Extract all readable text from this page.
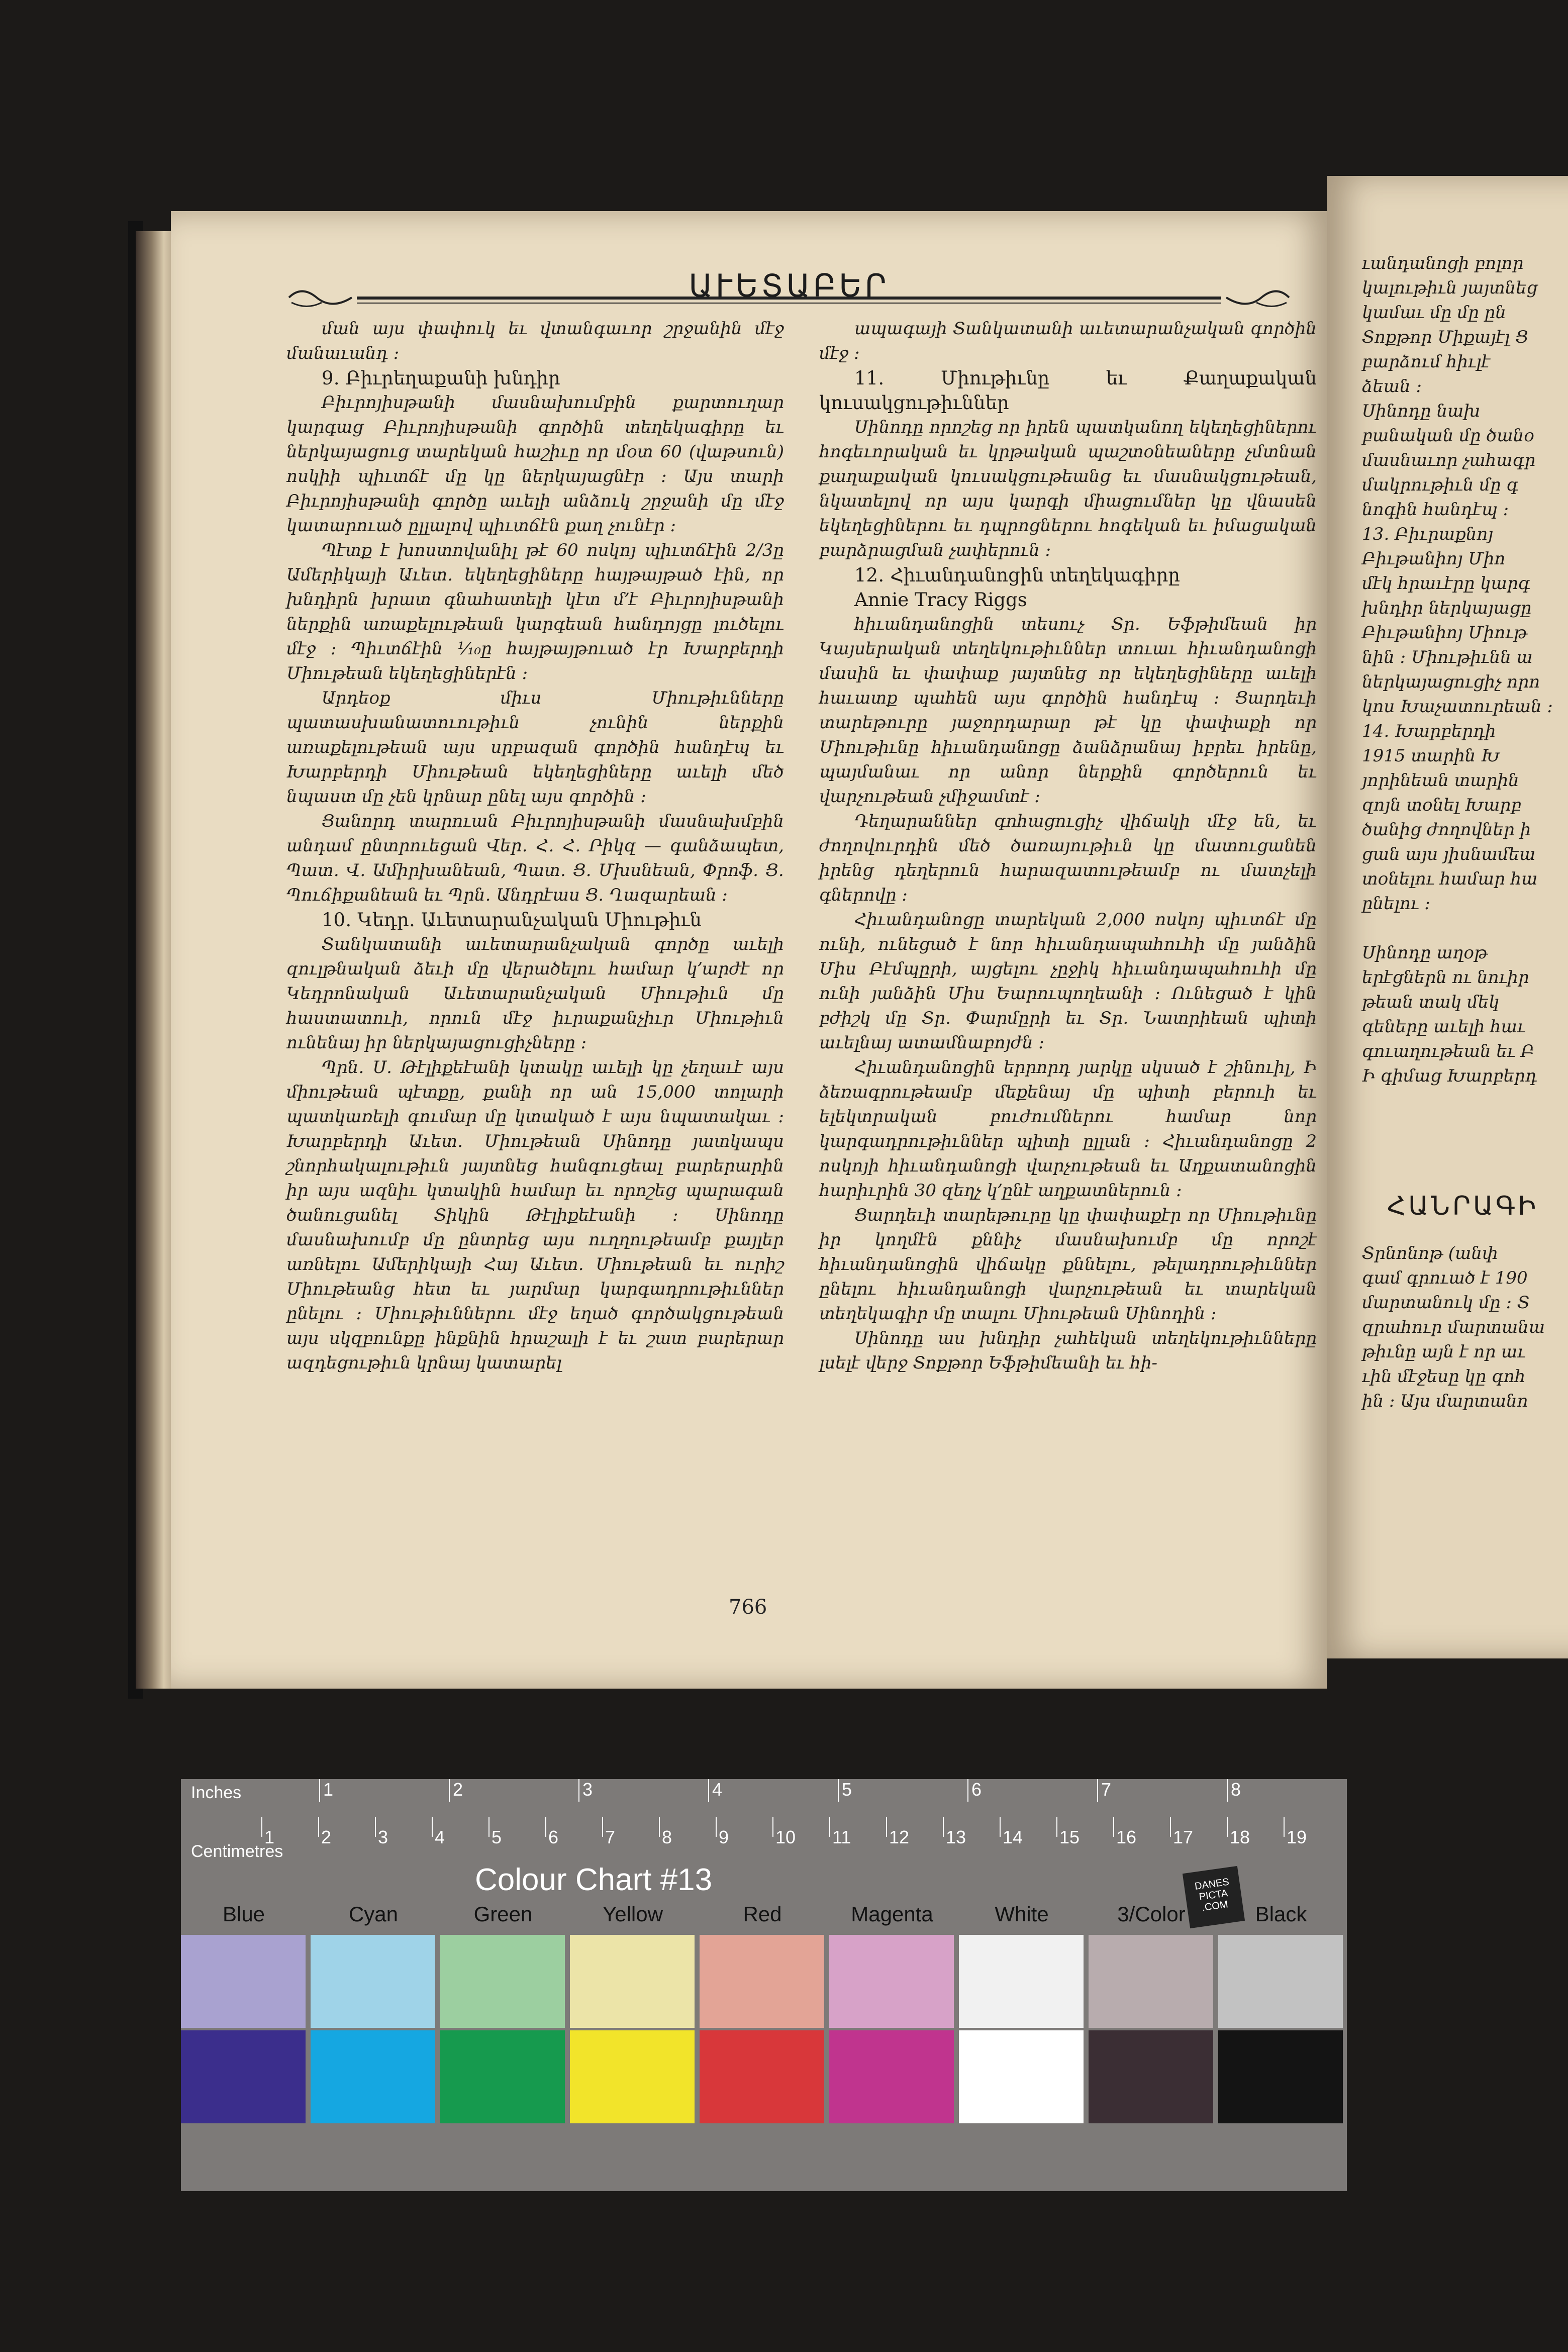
ԱՒԵՏԱԲԵՐ

ման այս փափուկ եւ վտանգաւոր շրջանին մէջ մանաւանդ ։

9․ Բիւրեղաքանի խնդիր

Բիւրոյիսթանի մասնախումբին քարտուղար կարգաց Բիւրոյիսթանի գործին տեղեկագիրը եւ ներկայացուց տարեկան հաշիւը որ մօտ 60 (վաթսուն) ոսկիի պիւտճէ մը կը ներկայացնէր ։ Այս տարի Բիւրոյիսթանի գործը աւելի անձուկ շրջանի մը մէջ կատարուած ըլլալով պիւտճէն քաղ չունէր ։

Պէտք է խոստովանիլ թէ 60 ոսկոյ պիւտճէին 2/3ը Ամերիկայի Աւետ․ եկեղեցիները հայթայթած էին, որ խնդիրն խրատ գնահատելի կէտ մ՚է Բիւրոյիսթանի ներքին առաքելութեան կարգեան հանդոյցը լուծելու մէջ ։ Պիւտճէին ¹⁄₁₀ը հայթայթուած էր Խարբերդի Միութեան եկեղեցիներէն ։

Արդեօք միւս Միութիւնները պատասխանատուութիւն չունին ներքին առաքելութեան այս սրբազան գործին հանդէպ եւ Խարբերդի Միութեան եկեղեցիները աւելի մեծ նպաստ մը չեն կրնար ընել այս գործին ։

Ցանորդ տարուան Բիւրոյիսթանի մասնախմբին անդամ ընտրուեցան Վեր․ Հ․ Հ․ Րիկզ — գանձապետ, Պատ․ Վ․ Ամիրխանեան, Պատ․ Ց․ Մխսնեան, Փրոֆ․ Ց․ Պուճիքանեան եւ Պրն․ Անդրէաս Ց․ Ղազարեան ։

10․ Կեդր․ Աւետարանչական Միութիւն

Տանկատանի աւետարանչական գործը աւելի զուլթնական ձեւի մը վերածելու համար կ՚արժէ որ Կեդրոնական Աւետարանչական Միութիւն մը հաստատուի, որուն մէջ իւրաքանչիւր Միութիւն ունենայ իր ներկայացուցիչները ։

Պրն․ Ս․ Թէլիքեէանի կտակը աւելի կը չեղաւէ այս միութեան պէտքը, քանի որ ան 15,000 տոլարի պատկառելի գումար մը կտակած է այս նպատակաւ ։ Խարբերդի Աւետ․ Միութեան Սինոդը յատկապս շնորհակալութիւն յայտնեց հանգուցեալ բարերարին իր այս ազնիւ կտակին համար եւ որոշեց պարագան ծանուցանել Տիկին Թէլիքեէանի ։ Սինոդը մասնախումբ մը ընտրեց այս ուղղութեամբ քայլեր առնելու Ամերիկայի Հայ Աւետ․ Միութեան եւ ուրիշ Միութեանց հետ եւ յարմար կարգադրութիւններ ընելու ։ Միութիւններու մէջ եղած գործակցութեան այս սկզբունքը ինքնին հրաշալի է եւ շատ բարերար ազդեցութիւն կրնայ կատարել

ապագայի Տանկատանի աւետարանչական գործին մէջ ։

11․ Միութիւնը եւ Քաղաքական կուսակցութիւններ

Սինոդը որոշեց որ իրեն պատկանող եկեղեցիներու հոգեւորական եւ կրթական պաշտօնեաները չմտնան քաղաքական կուսակցութեանց եւ մասնակցութեան, նկատելով որ այս կարգի միացումներ կը վնասեն եկեղեցիներու եւ դպրոցներու հոգեկան եւ իմացական բարձրացման չափերուն ։

12․ Հիւանդանոցին տեղեկագիրը

Annie Tracy Riggs

հիւանդանոցին տեսուչ Տր․ Եֆթիմեան իր Կայսերական տեղեկութիւններ տուաւ հիւանդանոցի մասին եւ փափաք յայտնեց որ եկեղեցիները աւելի հաւատք պահեն այս գործին հանդէպ ։ Ցարդեւի տարեթուրը յաջորդարար թէ կը փափաքի որ Միութիւնը հիւանդանոցը ձանձրանայ իբրեւ իրենը, պայմանաւ որ անոր ներքին գործերուն եւ վարչութեան չմիջամտէ ։

Դեղարաններ գոհացուցիչ վիճակի մէջ են, եւ ժողովուրդին մեծ ծառայութիւն կը մատուցանեն իրենց դեղերուն հարազատութեամբ ու մատչելի գներովը ։

Հիւանդանոցը տարեկան 2,000 ոսկոյ պիւտճէ մը ունի, ունեցած է նոր հիւանդապահուհի մը յանձին Միս Բէմպըրի, այցելու չըջիկ հիւանդապահուհի մը ունի յանձին Միս Եարուպողեանի ։ Ունեցած է կին բժիշկ մը Տր․ Փարմըրի եւ Տր․ Նատրիեան պիտի աւելնայ ատամնաբոյժն ։

Հիւանդանոցին երրորդ յարկը սկսած է շինուիլ, Ի ձեռագրութեամբ մեքենայ մը պիտի բերուի եւ ելեկտրական բուժումներու համար նոր կարգադրութիւններ պիտի ըլլան ։ Հիւանդանոցը 2 ոսկոյի հիւանդանոցի վարչութեան եւ Աղքատանոցին հարիւրին 30 զեղչ կ՚ընէ աղքատներուն ։

Ցարդեւի տարեթուրը կը փափաքէր որ Միութիւնը իր կողմէն քննիչ մասնախումբ մը որոշէ հիւանդանոցին վիճակը քննելու, թելադրութիւններ ընելու հիւանդանոցի վարչութեան եւ տարեկան տեղեկագիր մը տալու Միութեան Սինոդին ։

Սինոդը աս խնդիր չահեկան տեղեկութիւնները լսելէ վերջ Տոքթոր Եֆթիմեանի եւ հի-

766

ւանդանոցի բոլոր

կալութիւն յայտնեց

կամաւ մը մը ըն

Տոքթոր Միքայէլ Ց

բարձում հիւլէ

ձեան ։

Սինոդը նախ

բանական մը ծանօ

մասնաւոր չահագր

մակրութիւն մը գ

նոգին հանդէպ ։

13․ Բիւրաքնոյ

Բիւթանիոյ Միո

մէկ հրաւէրը կարգ

խնդիր ներկայացը

Բիւթանիոյ Միութ

նին ։ Միութիւնն ա

ներկայացուցիչ որո

կոս Խաչատուրեան ։

14․ Խարբերդի

1915 տարին Խ

յորինեան տարին

զոյն տօնել Խարբ

ծանից ժողովներ ի

ցան այս յիսնամեա

տօնելու համար հա

ընելու ։

Սինոդը աղօթ

երէցներն ու նուիր

թեան տակ մեկ

գեները աւելի հաւ

գուաղութեան եւ Բ

Ի գիմաց Խարբերդ

ՀԱՆՐԱԳԻ

Տրնոնոթ (անփ

գամ գրուած է 190

մարտանուկ մը ։ Տ

զրահուր մարտանա

թիւնը այն է որ աւ

ւին մէջեսը կը գոհ

ին ։ Այս մարտանո

Inches
Centimetres
1	2	3	4	5	6	7	8
1	2	3	4	5	6	7	8	9	10 11 12 13 14 15 16 17 18 19
Colour Chart #13	DANES PICTA .COM
Blue	Cyan	Green	Yellow	Red	Magenta	White	3/Color	Black
